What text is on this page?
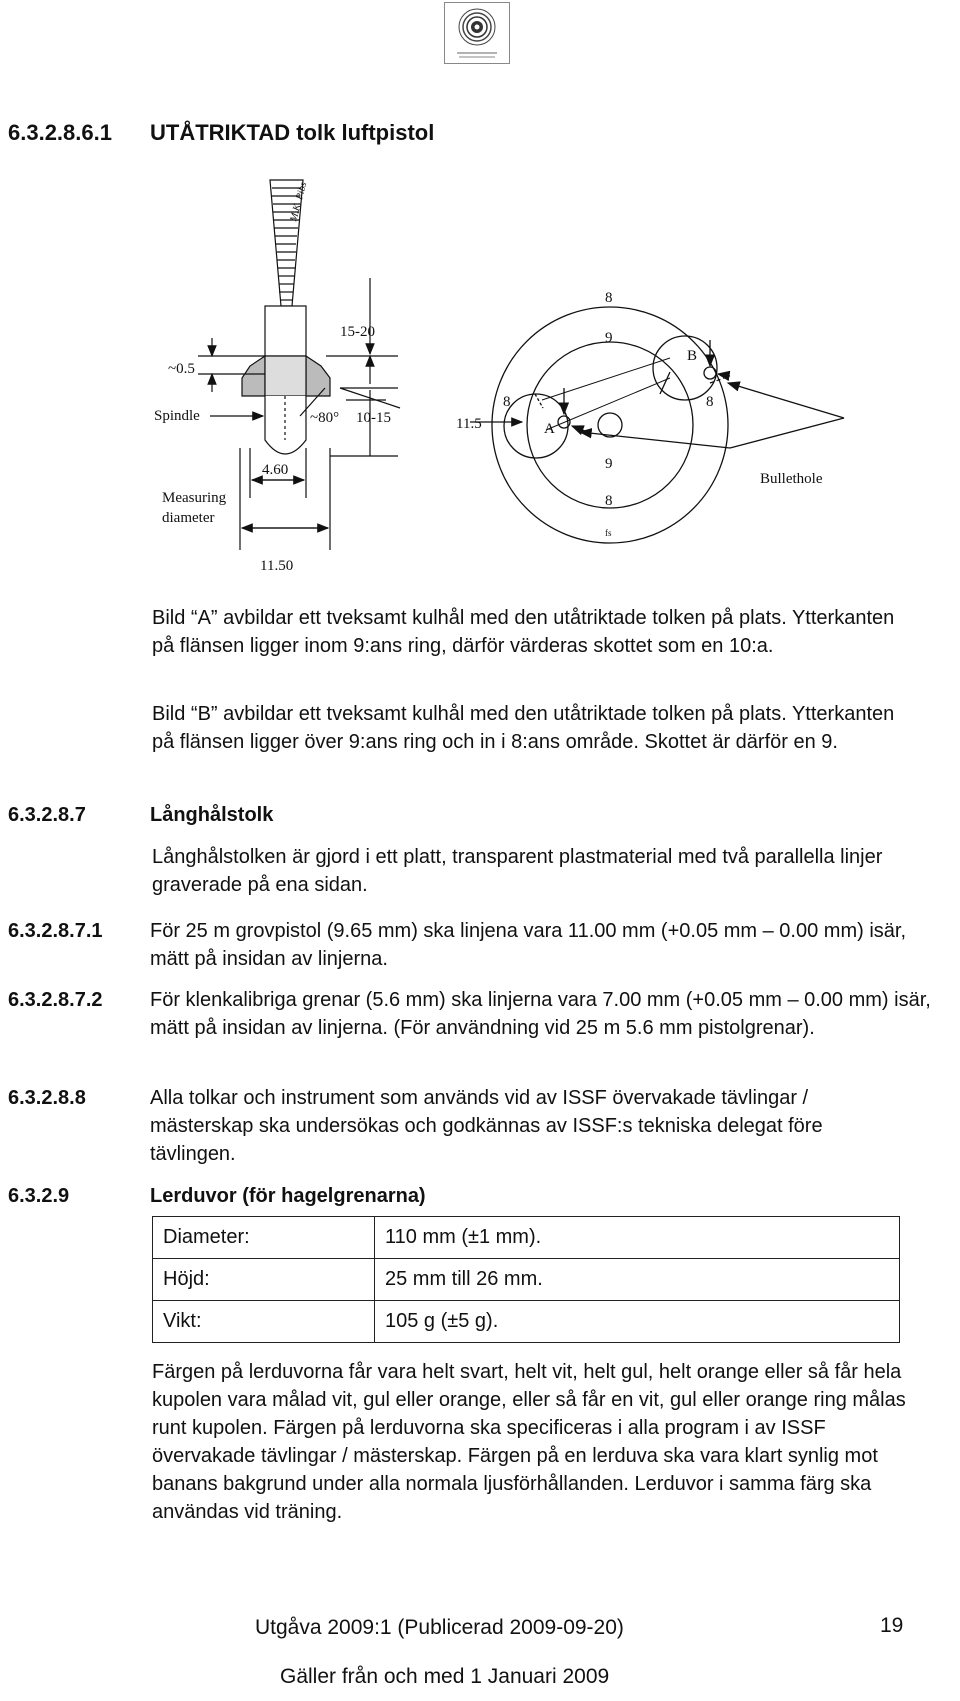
6.3.2.8.6.1 UTÅTRIKTAD tolk luftpistol
M.K. Pibs
~0.5
Spindle
Measuring
diameter
4.60
11.50
~80°
15-20
10-15	11.5
8
9
8	8
9
8
fs
A
B
Bullethole
Bild “A” avbildar ett tveksamt kulhål med den utåtriktade tolken på plats. Ytterkanten på flänsen ligger inom 9:ans ring, därför värderas skottet som en 10:a.
Bild “B” avbildar ett tveksamt kulhål med den utåtriktade tolken på plats. Ytterkanten på flänsen ligger över 9:ans ring och in i 8:ans område. Skottet är därför en 9.
6.3.2.8.7	Långhålstolk
Långhålstolken är gjord i ett platt, transparent plastmaterial med två parallella linjer graverade på ena sidan.
6.3.2.8.7.1 För 25 m grovpistol (9.65 mm) ska linjena vara 11.00 mm (+0.05 mm – 0.00 mm) isär, mätt på insidan av linjerna.
6.3.2.8.7.2 För klenkalibriga grenar (5.6 mm) ska linjerna vara 7.00 mm (+0.05 mm – 0.00 mm) isär, mätt på insidan av linjerna. (För användning vid 25 m 5.6 mm pistolgrenar).
6.3.2.8.8	Alla tolkar och instrument som används vid av ISSF övervakade tävlingar / mästerskap ska undersökas och godkännas av ISSF:s tekniska delegat före tävlingen.
6.3.2.9	Lerduvor (för hagelgrenarna)
Diameter:	110 mm (±1 mm).
Höjd:	25 mm till 26 mm.
Vikt:	105 g (±5 g).
Färgen på lerduvorna får vara helt svart, helt vit, helt gul, helt orange eller så får hela kupolen vara målad vit, gul eller orange, eller så får en vit, gul eller orange ring målas runt kupolen. Färgen på lerduvorna ska specificeras i alla program i av ISSF övervakade tävlingar / mästerskap. Färgen på en lerduva ska vara klart synlig mot banans bakgrund under alla normala ljusförhållanden. Lerduvor i samma färg ska användas vid träning.
Utgåva 2009:1 (Publicerad 2009-09-20)	19
Gäller från och med 1 Januari 2009
